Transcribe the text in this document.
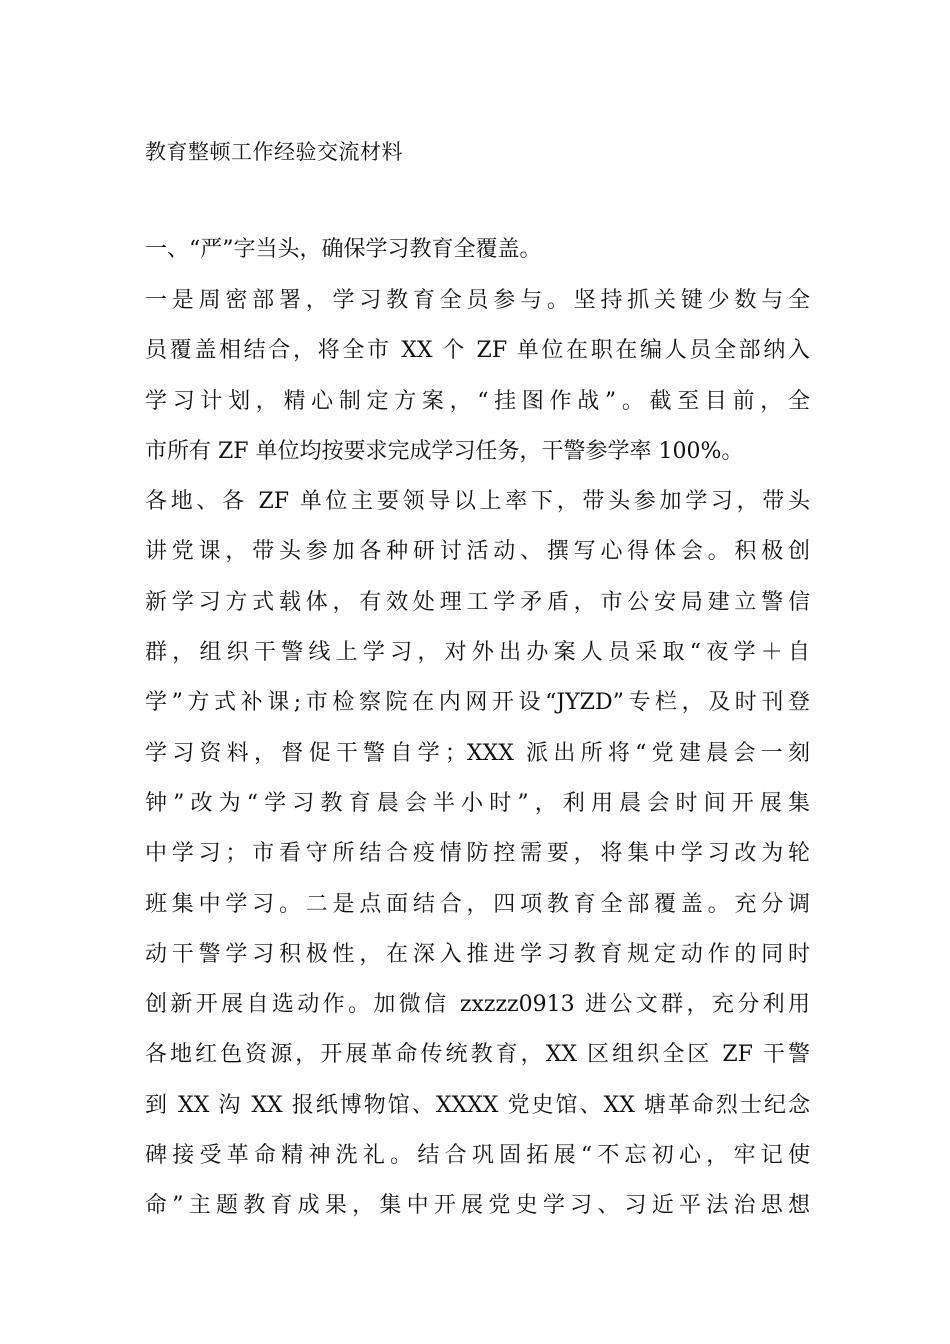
教育整顿工作经验交流材料
一、“严”字当头，确保学习教育全覆盖。
一是周密部署，学习教育全员参与。坚持抓关键少数与全
员覆盖相结合，将全市 XX 个 ZF 单位在职在编人员全部纳入
学习计划，精心制定方案，“挂图作战”。截至目前，全
市所有 ZF 单位均按要求完成学习任务，干警参学率 100%。
各地、各 ZF 单位主要领导以上率下，带头参加学习，带头
讲党课，带头参加各种研讨活动、撰写心得体会。积极创
新学习方式载体，有效处理工学矛盾，市公安局建立警信
群，组织干警线上学习，对外出办案人员采取“夜学＋自
学”方式补课;市检察院在内网开设“JYZD”专栏，及时刊登
学习资料，督促干警自学；XXX 派出所将“党建晨会一刻
钟”改为“学习教育晨会半小时”，利用晨会时间开展集
中学习；市看守所结合疫情防控需要，将集中学习改为轮
班集中学习。二是点面结合，四项教育全部覆盖。充分调
动干警学习积极性，在深入推进学习教育规定动作的同时
创新开展自选动作。加微信 zxzzz0913 进公文群，充分利用
各地红色资源，开展革命传统教育，XX 区组织全区 ZF 干警
到 XX 沟 XX 报纸博物馆、XXXX 党史馆、XX 塘革命烈士纪念
碑接受革命精神洗礼。结合巩固拓展“不忘初心，牢记使
命”主题教育成果，集中开展党史学习、习近平法治思想
